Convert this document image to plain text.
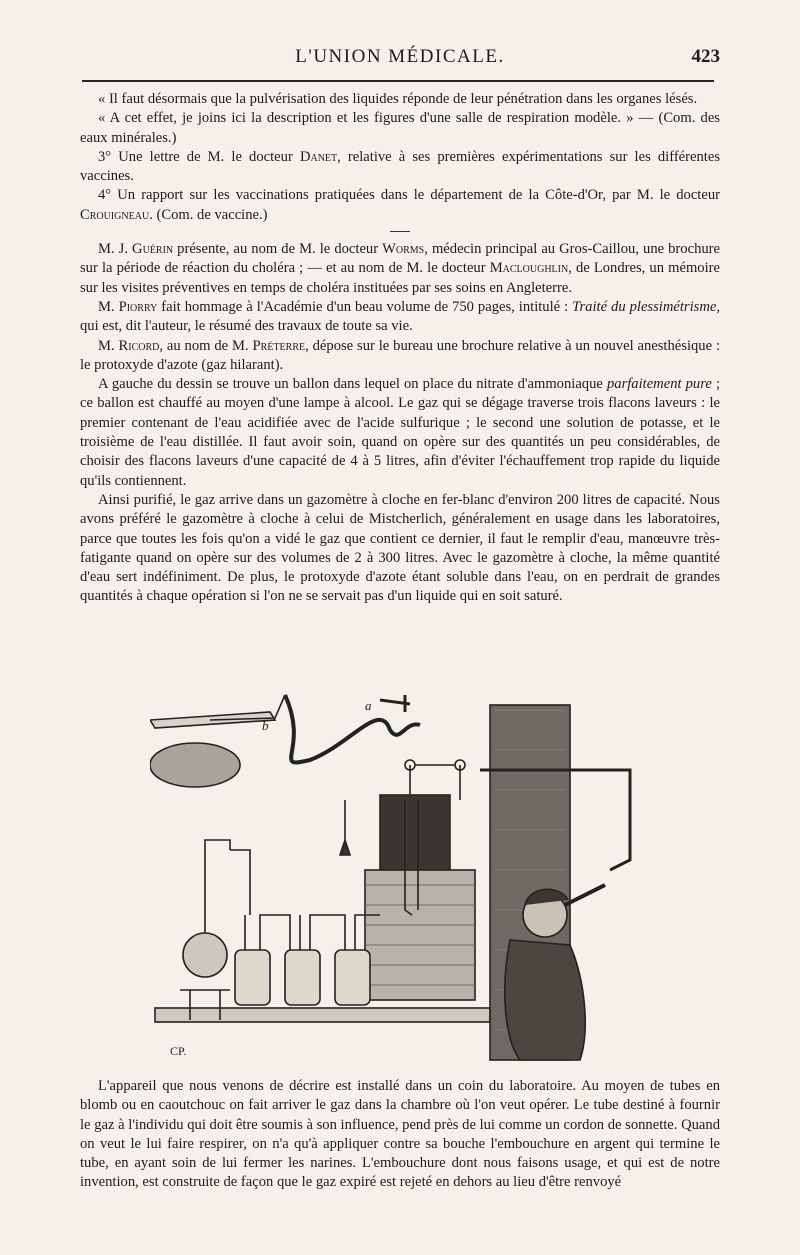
L'UNION MÉDICALE.	423

« Il faut désormais que la pulvérisation des liquides réponde de leur pénétration dans les organes lésés.

« A cet effet, je joins ici la description et les figures d'une salle de respiration modèle. » — (Com. des eaux minérales.)

3° Une lettre de M. le docteur Danet, relative à ses premières expérimentations sur les différentes vaccines.

4° Un rapport sur les vaccinations pratiquées dans le département de la Côte-d'Or, par M. le docteur Crouigneau. (Com. de vaccine.)

M. J. Guérin présente, au nom de M. le docteur Worms, médecin principal au Gros-Caillou, une brochure sur la période de réaction du choléra ; — et au nom de M. le docteur Macloughlin, de Londres, un mémoire sur les visites préventives en temps de choléra instituées par ses soins en Angleterre.

M. Piorry fait hommage à l'Académie d'un beau volume de 750 pages, intitulé : Traité du plessimétrisme, qui est, dit l'auteur, le résumé des travaux de toute sa vie.

M. Ricord, au nom de M. Préterre, dépose sur le bureau une brochure relative à un nouvel anesthésique : le protoxyde d'azote (gaz hilarant).

A gauche du dessin se trouve un ballon dans lequel on place du nitrate d'ammoniaque parfaitement pure ; ce ballon est chauffé au moyen d'une lampe à alcool. Le gaz qui se dégage traverse trois flacons laveurs : le premier contenant de l'eau acidifiée avec de l'acide sulfurique ; le second une solution de potasse, et le troisième de l'eau distillée. Il faut avoir soin, quand on opère sur des quantités un peu considérables, de choisir des flacons laveurs d'une capacité de 4 à 5 litres, afin d'éviter l'échauffement trop rapide du liquide qu'ils contiennent.

Ainsi purifié, le gaz arrive dans un gazomètre à cloche en fer-blanc d'environ 200 litres de capacité. Nous avons préféré le gazomètre à cloche à celui de Mistcherlich, généralement en usage dans les laboratoires, parce que toutes les fois qu'on a vidé le gaz que contient ce dernier, il faut le remplir d'eau, manœuvre très-fatigante quand on opère sur des volumes de 2 à 300 litres. Avec le gazomètre à cloche, la même quantité d'eau sert indéfiniment. De plus, le protoxyde d'azote étant soluble dans l'eau, on en perdrait de grandes quantités à chaque opération si l'on ne se servait pas d'un liquide qui en soit saturé.

a
b
CP.

L'appareil que nous venons de décrire est installé dans un coin du laboratoire. Au moyen de tubes en blomb ou en caoutchouc on fait arriver le gaz dans la chambre où l'on veut opérer. Le tube destiné à fournir le gaz à l'individu qui doit être soumis à son influence, pend près de lui comme un cordon de sonnette. Quand on veut le lui faire respirer, on n'a qu'à appliquer contre sa bouche l'embouchure en argent qui termine le tube, en ayant soin de lui fermer les narines. L'embouchure dont nous faisons usage, et qui est de notre invention, est construite de façon que le gaz expiré est rejeté en dehors au lieu d'être renvoyé
